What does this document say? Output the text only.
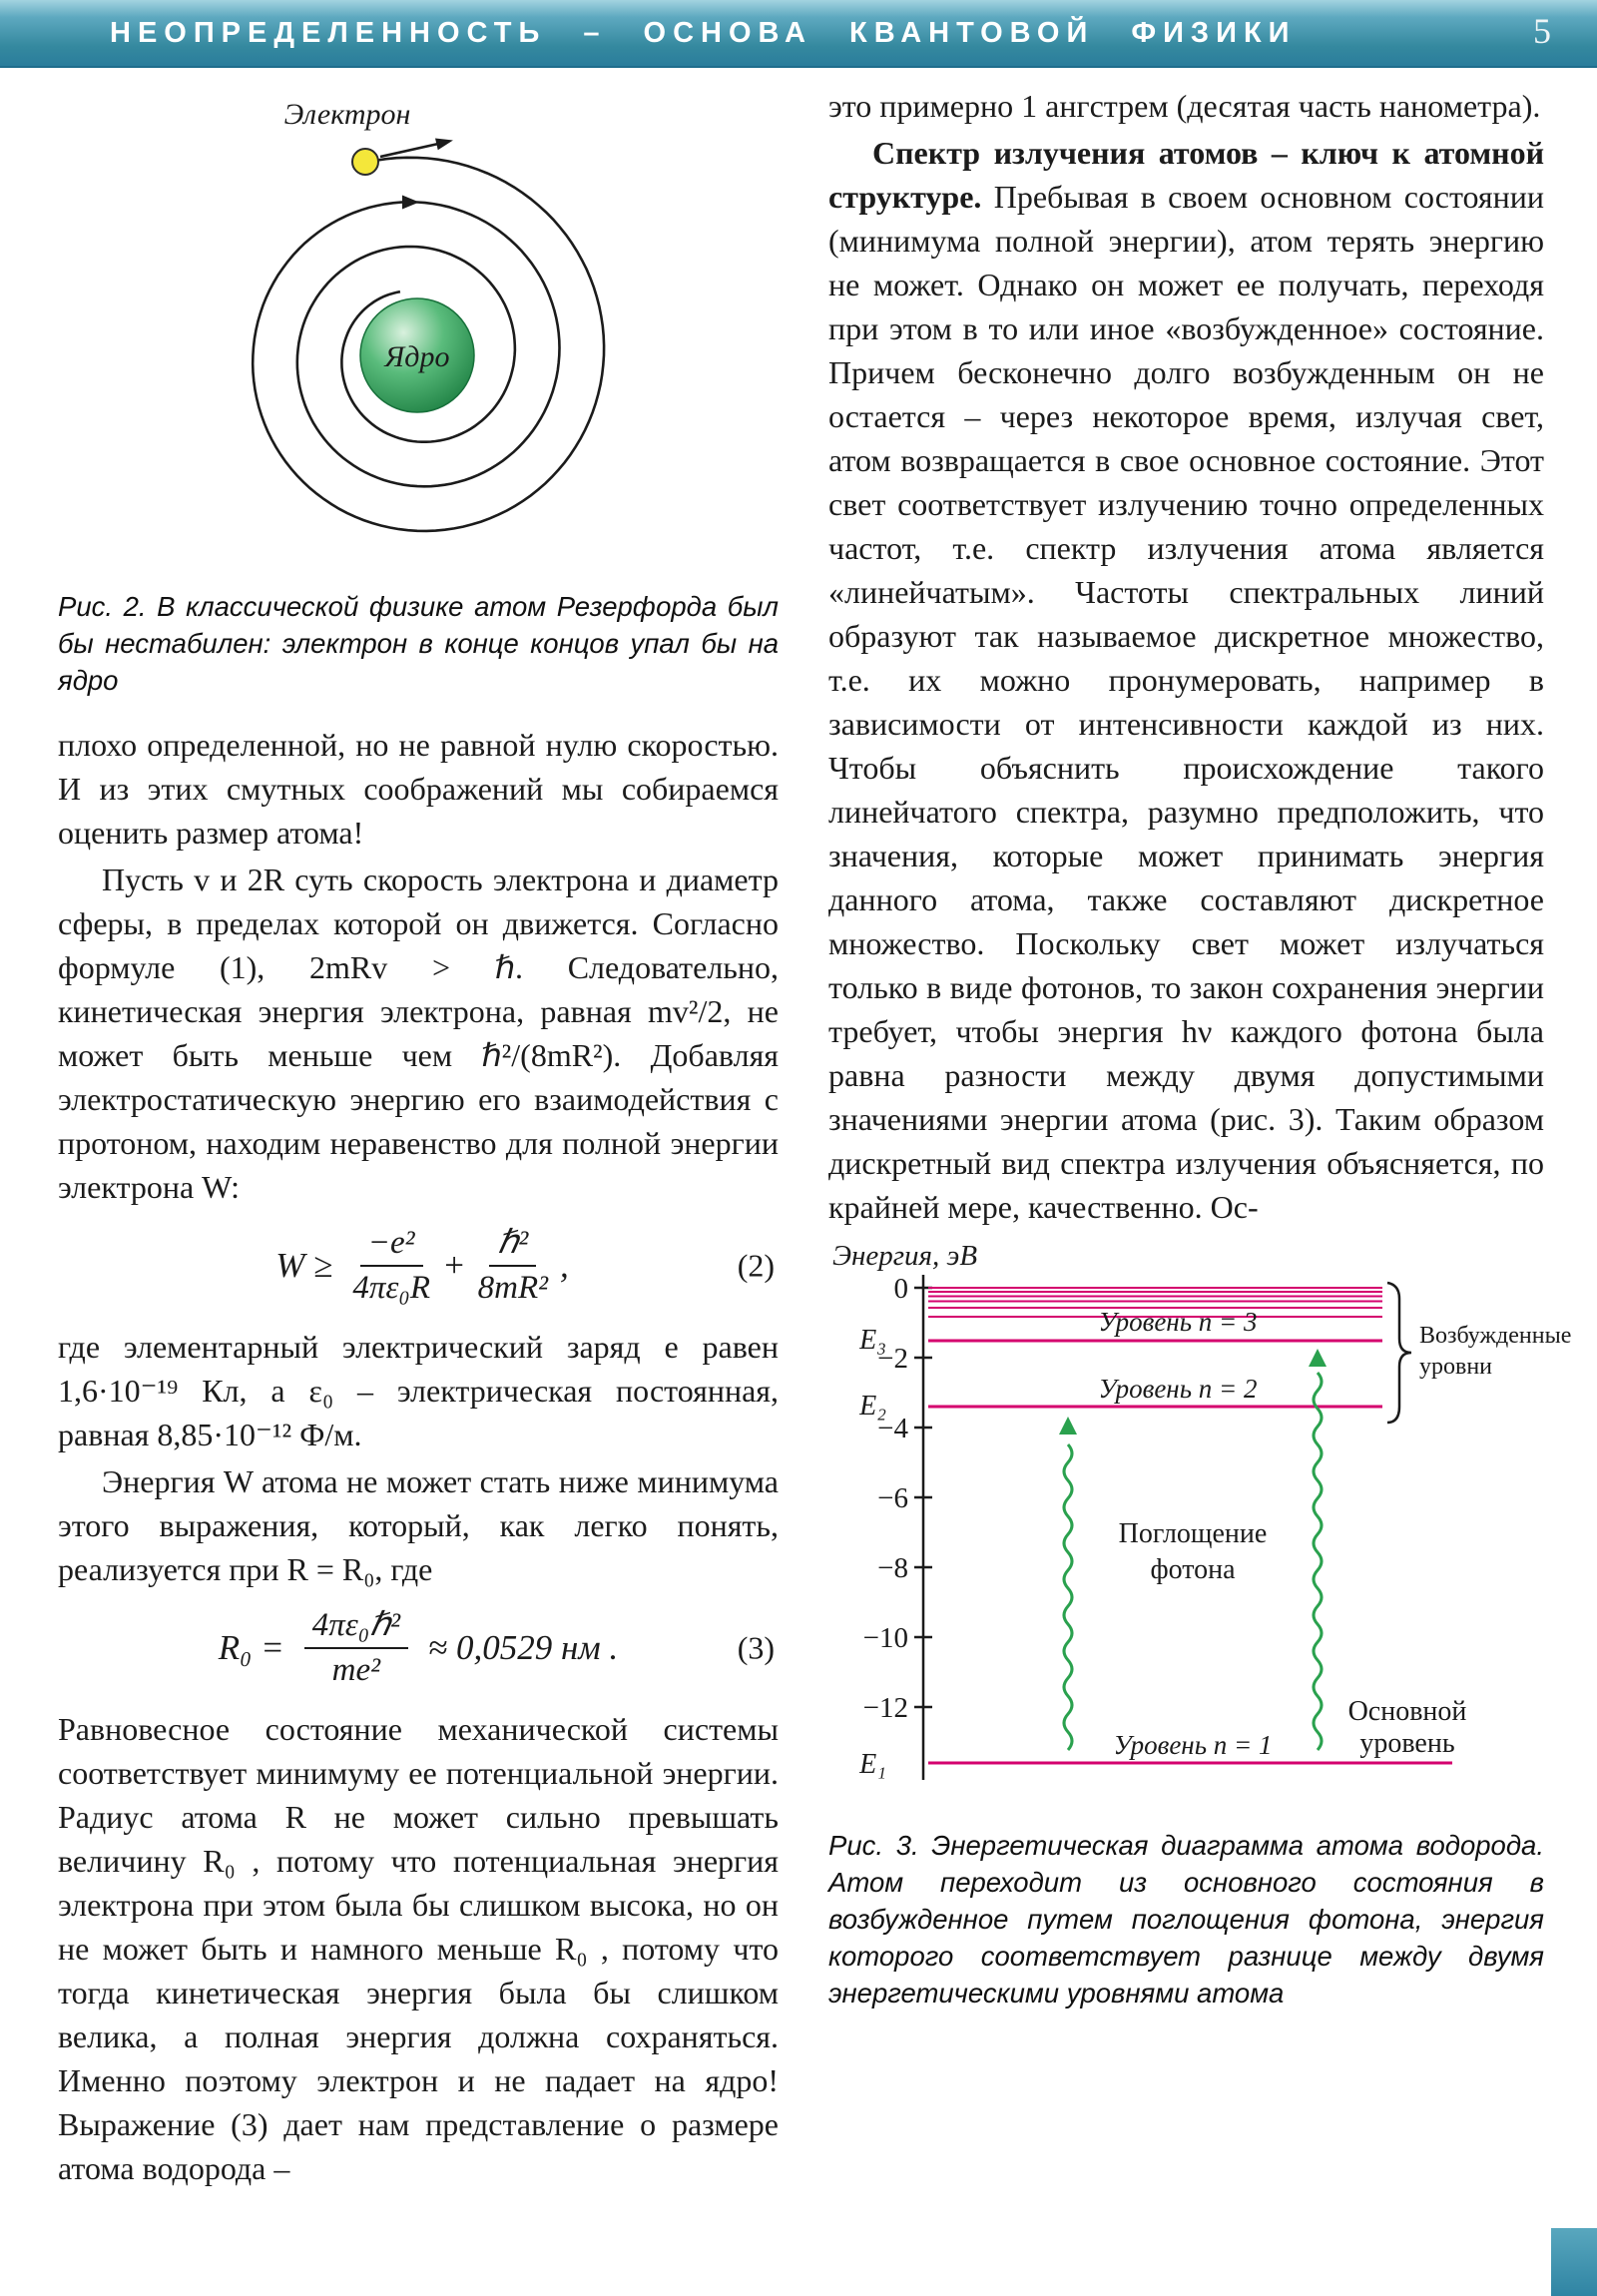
НЕОПРЕДЕЛЕННОСТЬ – ОСНОВА КВАНТОВОЙ ФИЗИКИ	5
Электрон
Ядро
Рис. 2. В классической физике атом Резерфорда был бы нестабилен: электрон в конце концов упал бы на ядро

плохо определенной, но не равной нулю скоростью. И из этих смутных соображений мы собираемся оценить размер атома!

Пусть v и 2R суть скорость электрона и диаметр сферы, в пределах которой он движется. Согласно формуле (1), 2mRv > ℏ. Следовательно, кинетическая энергия электрона, равная mv²/2, не может быть меньше чем ℏ²/(8mR²). Добавляя электростатическую энергию его взаимодействия с протоном, находим неравенство для полной энергии электрона W:

$W \ge \frac{\text{−e²}}{\text{4πε₀R}} + \frac{\text{ℏ²}}{\text{8mR²}}$ ,	(2)

где элементарный электрический заряд e равен 1,6·10⁻¹⁹ Кл, а ε₀ – электрическая постоянная, равная 8,85·10⁻¹² Ф/м.

Энергия W атома не может стать ниже минимума этого выражения, который, как легко понять, реализуется при R = R₀, где

$R_0 = \frac{\text{4πε₀ℏ²}}{\text{me²}} \approx 0,0529$ нм .	(3)

Равновесное состояние механической системы соответствует минимуму ее потенциальной энергии. Радиус атома R не может сильно превышать величину R₀ , потому что потенциальная энергия электрона при этом была бы слишком высока, но он не может быть и намного меньше R₀ , потому что тогда кинетическая энергия была бы слишком велика, а полная энергия должна сохраняться. Именно поэтому электрон и не падает на ядро! Выражение (3) дает нам представление о размере атома водорода –

это примерно 1 ангстрем (десятая часть нанометра).

Спектр излучения атомов – ключ к атомной структуре. Пребывая в своем основном состоянии (минимума полной энергии), атом терять энергию не может. Однако он может ее получать, переходя при этом в то или иное «возбужденное» состояние. Причем бесконечно долго возбужденным он не остается – через некоторое время, излучая свет, атом возвращается в свое основное состояние. Этот свет соответствует излучению точно определенных частот, т.е. спектр излучения атома является «линейчатым». Частоты спектральных линий образуют так называемое дискретное множество, т.е. их можно пронумеровать, например в зависимости от интенсивности каждой из них. Чтобы объяснить происхождение такого линейчатого спектра, разумно предположить, что значения, которые может принимать энергия данного атома, также составляют дискретное множество. Поскольку свет может излучаться только в виде фотонов, то закон сохранения энергии требует, чтобы энергия hν каждого фотона была равна разности между двумя допустимыми значениями энергии атома (рис. 3). Таким образом дискретный вид спектра излучения объясняется, по крайней мере, качественно. Ос-

Энергия, эВ
0
−2
−4
−6
−8
−10
−12
E₃
E₂
E₁
Уровень n = 3
Уровень n = 2
Уровень n = 1
Возбужденные
уровни
Поглощение
фотона
Основной
уровень
Рис. 3. Энергетическая диаграмма атома водорода. Атом переходит из основного состояния в возбужденное путем поглощения фотона, энергия которого соответствует разнице между двумя энергетическими уровнями атома
